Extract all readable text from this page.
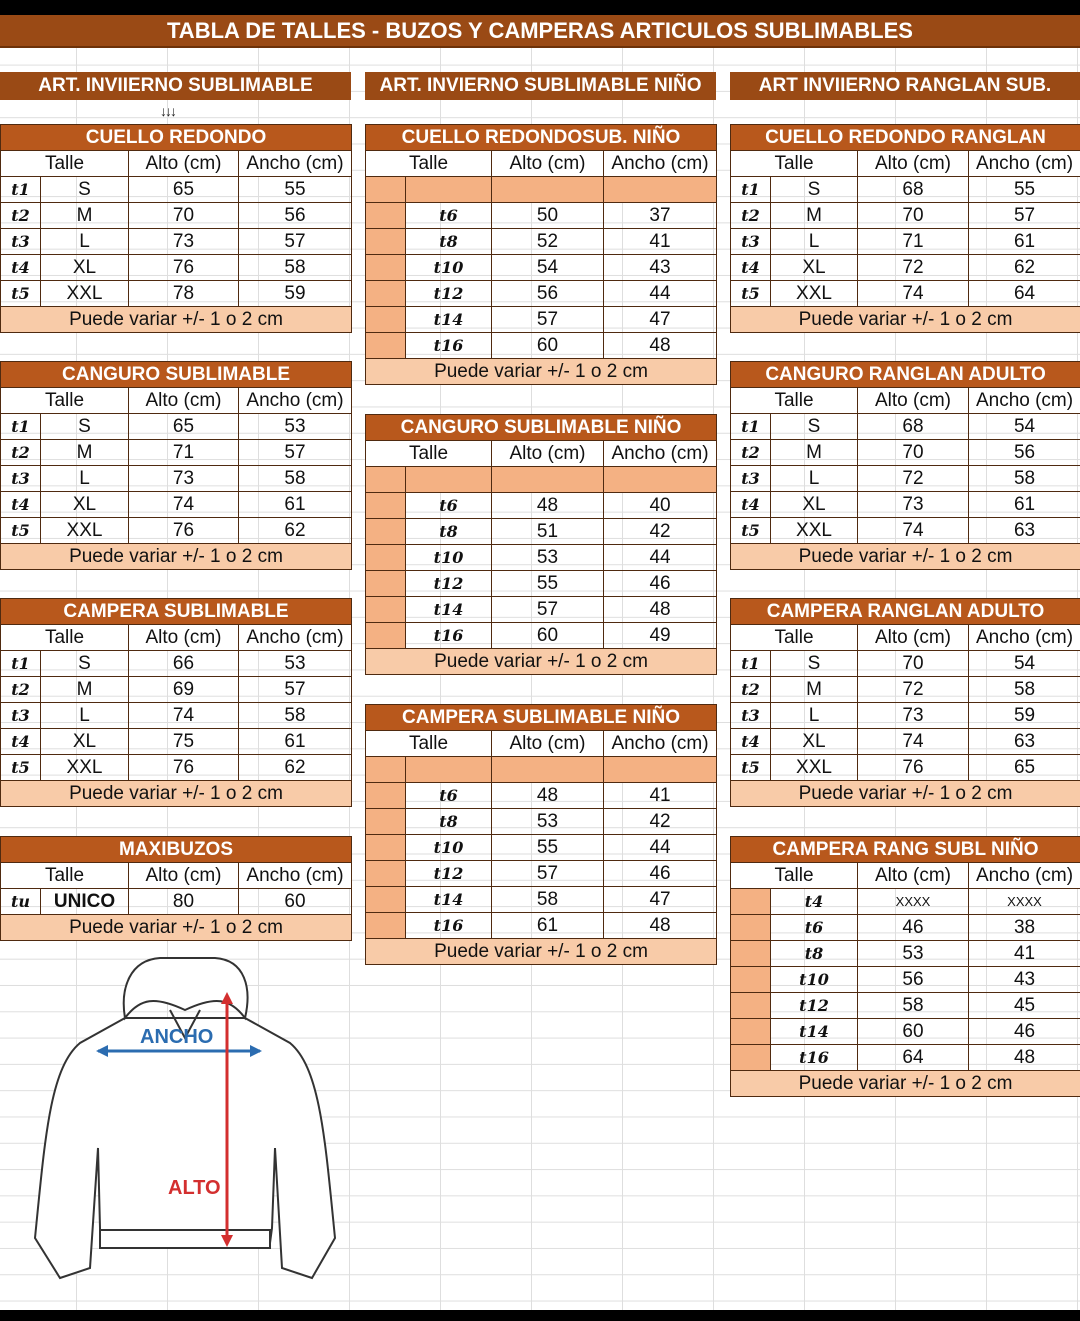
TABLA DE TALLES - BUZOS Y CAMPERAS ARTICULOS SUBLIMABLES
ART. INVIIERNO SUBLIMABLE	ART. INVIERNO SUBLIMABLE NIÑO	ART INVIIERNO RANGLAN SUB.
↓↓↓
CUELLO REDONDO			
Talle		Alto (cm)	Ancho (cm)
t1	S	65	55
t2	M	70	56
t3	L	73	57
t4	XL	76	58
t5	XXL	78	59
Puede variar +/- 1 o 2 cm			
CANGURO SUBLIMABLE			
Talle		Alto (cm)	Ancho (cm)
t1	S	65	53
t2	M	71	57
t3	L	73	58
t4	XL	74	61
t5	XXL	76	62
Puede variar +/- 1 o 2 cm			
CAMPERA SUBLIMABLE			
Talle		Alto (cm)	Ancho (cm)
t1	S	66	53
t2	M	69	57
t3	L	74	58
t4	XL	75	61
t5	XXL	76	62
Puede variar +/- 1 o 2 cm			
MAXIBUZOS			
Talle		Alto (cm)	Ancho (cm)
tu	UNICO	80	60
Puede variar +/- 1 o 2 cm			
CUELLO REDONDOSUB. NIÑO			
Talle		Alto (cm)	Ancho (cm)

	t6	50	37
	t8	52	41
	t10	54	43
	t12	56	44
	t14	57	47
	t16	60	48
Puede variar +/- 1 o 2 cm			
CANGURO SUBLIMABLE NIÑO			
Talle		Alto (cm)	Ancho (cm)

	t6	48	40
	t8	51	42
	t10	53	44
	t12	55	46
	t14	57	48
	t16	60	49
Puede variar +/- 1 o 2 cm			
CAMPERA SUBLIMABLE NIÑO			
Talle		Alto (cm)	Ancho (cm)

	t6	48	41
	t8	53	42
	t10	55	44
	t12	57	46
	t14	58	47
	t16	61	48
Puede variar +/- 1 o 2 cm			
CUELLO REDONDO RANGLAN			
Talle		Alto (cm)	Ancho (cm)
t1	S	68	55
t2	M	70	57
t3	L	71	61
t4	XL	72	62
t5	XXL	74	64
Puede variar +/- 1 o 2 cm			
CANGURO RANGLAN ADULTO			
Talle		Alto (cm)	Ancho (cm)
t1	S	68	54
t2	M	70	56
t3	L	72	58
t4	XL	73	61
t5	XXL	74	63
Puede variar +/- 1 o 2 cm			
CAMPERA RANGLAN ADULTO			
Talle		Alto (cm)	Ancho (cm)
t1	S	70	54
t2	M	72	58
t3	L	73	59
t4	XL	74	63
t5	XXL	76	65
Puede variar +/- 1 o 2 cm			
CAMPERA RANG SUBL NIÑO			
Talle		Alto (cm)	Ancho (cm)
	t4	XXXX	XXXX
	t6	46	38
	t8	53	41
	t10	56	43
	t12	58	45
	t14	60	46
	t16	64	48
Puede variar +/- 1 o 2 cm			
ANCHO
ALTO
